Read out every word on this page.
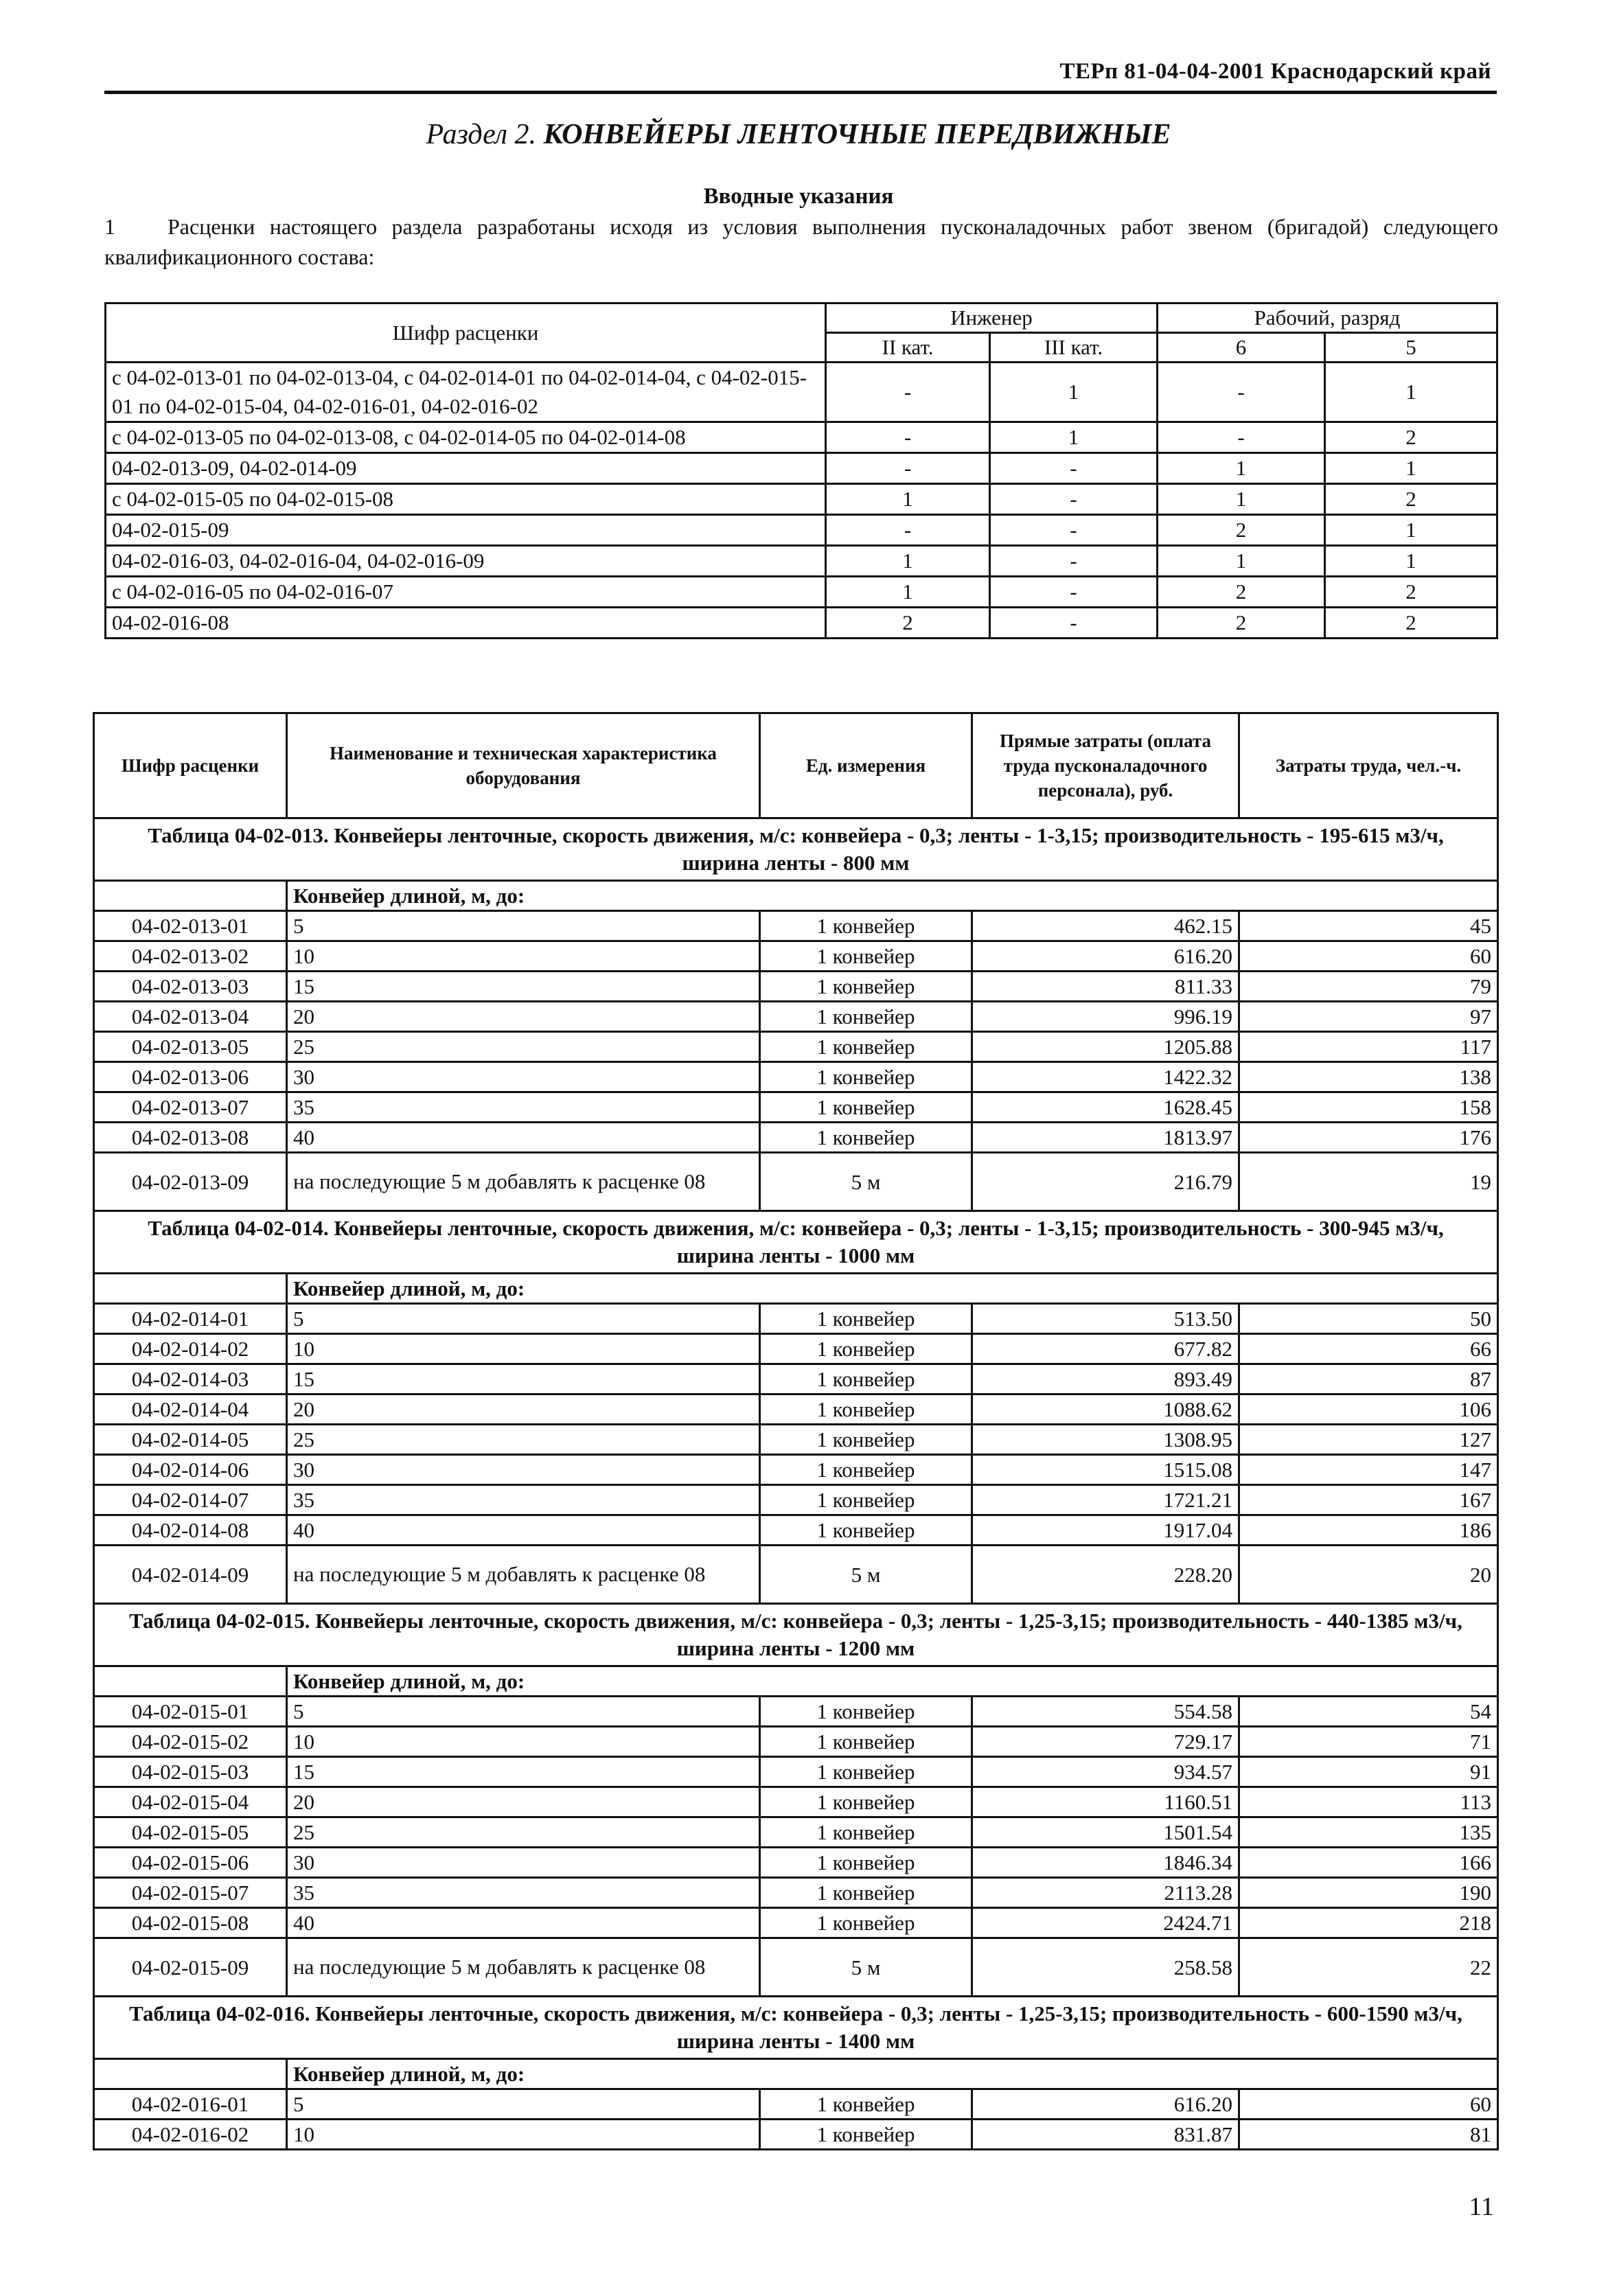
ТЕРп 81-04-04-2001 Краснодарский край
Раздел 2. КОНВЕЙЕРЫ ЛЕНТОЧНЫЕ ПЕРЕДВИЖНЫЕ
Вводные указания
1 Расценки настоящего раздела разработаны исходя из условия выполнения пусконаладочных работ звеном (бригадой) следующего квалификационного состава:
Шифр расценки	Инженер		Рабочий, разряд	
	II кат.	III кат.	6	5
с 04-02-013-01 по 04-02-013-04, с 04-02-014-01 по 04-02-014-04, с 04-02-015-01 по 04-02-015-04, 04-02-016-01, 04-02-016-02	-	1	-	1
с 04-02-013-05 по 04-02-013-08, с 04-02-014-05 по 04-02-014-08	-	1	-	2
04-02-013-09, 04-02-014-09	-	-	1	1
с 04-02-015-05 по 04-02-015-08	1	-	1	2
04-02-015-09	-	-	2	1
04-02-016-03, 04-02-016-04, 04-02-016-09	1	-	1	1
с 04-02-016-05 по 04-02-016-07	1	-	2	2
04-02-016-08	2	-	2	2
Шифр расценки	Наименование и техническая характеристика оборудования	Ед. измерения	Прямые затраты (оплата труда пусконаладочного персонала), руб.	Затраты труда, чел.-ч.
Таблица 04-02-013. Конвейеры ленточные, скорость движения, м/с: конвейера - 0,3; ленты - 1-3,15; производительность - 195-615 м3/ч, ширина ленты - 800 мм				
	Конвейер длиной, м, до:			
04-02-013-01	5	1 конвейер	462.15	45
04-02-013-02	10	1 конвейер	616.20	60
04-02-013-03	15	1 конвейер	811.33	79
04-02-013-04	20	1 конвейер	996.19	97
04-02-013-05	25	1 конвейер	1205.88	117
04-02-013-06	30	1 конвейер	1422.32	138
04-02-013-07	35	1 конвейер	1628.45	158
04-02-013-08	40	1 конвейер	1813.97	176
04-02-013-09	на последующие 5 м добавлять к расценке 08	5 м	216.79	19
Таблица 04-02-014. Конвейеры ленточные, скорость движения, м/с: конвейера - 0,3; ленты - 1-3,15; производительность - 300-945 м3/ч, ширина ленты - 1000 мм				
	Конвейер длиной, м, до:			
04-02-014-01	5	1 конвейер	513.50	50
04-02-014-02	10	1 конвейер	677.82	66
04-02-014-03	15	1 конвейер	893.49	87
04-02-014-04	20	1 конвейер	1088.62	106
04-02-014-05	25	1 конвейер	1308.95	127
04-02-014-06	30	1 конвейер	1515.08	147
04-02-014-07	35	1 конвейер	1721.21	167
04-02-014-08	40	1 конвейер	1917.04	186
04-02-014-09	на последующие 5 м добавлять к расценке 08	5 м	228.20	20
Таблица 04-02-015. Конвейеры ленточные, скорость движения, м/с: конвейера - 0,3; ленты - 1,25-3,15; производительность - 440-1385 м3/ч, ширина ленты - 1200 мм				
	Конвейер длиной, м, до:			
04-02-015-01	5	1 конвейер	554.58	54
04-02-015-02	10	1 конвейер	729.17	71
04-02-015-03	15	1 конвейер	934.57	91
04-02-015-04	20	1 конвейер	1160.51	113
04-02-015-05	25	1 конвейер	1501.54	135
04-02-015-06	30	1 конвейер	1846.34	166
04-02-015-07	35	1 конвейер	2113.28	190
04-02-015-08	40	1 конвейер	2424.71	218
04-02-015-09	на последующие 5 м добавлять к расценке 08	5 м	258.58	22
Таблица 04-02-016. Конвейеры ленточные, скорость движения, м/с: конвейера - 0,3; ленты - 1,25-3,15; производительность - 600-1590 м3/ч, ширина ленты - 1400 мм				
	Конвейер длиной, м, до:			
04-02-016-01	5	1 конвейер	616.20	60
04-02-016-02	10	1 конвейер	831.87	81
11
